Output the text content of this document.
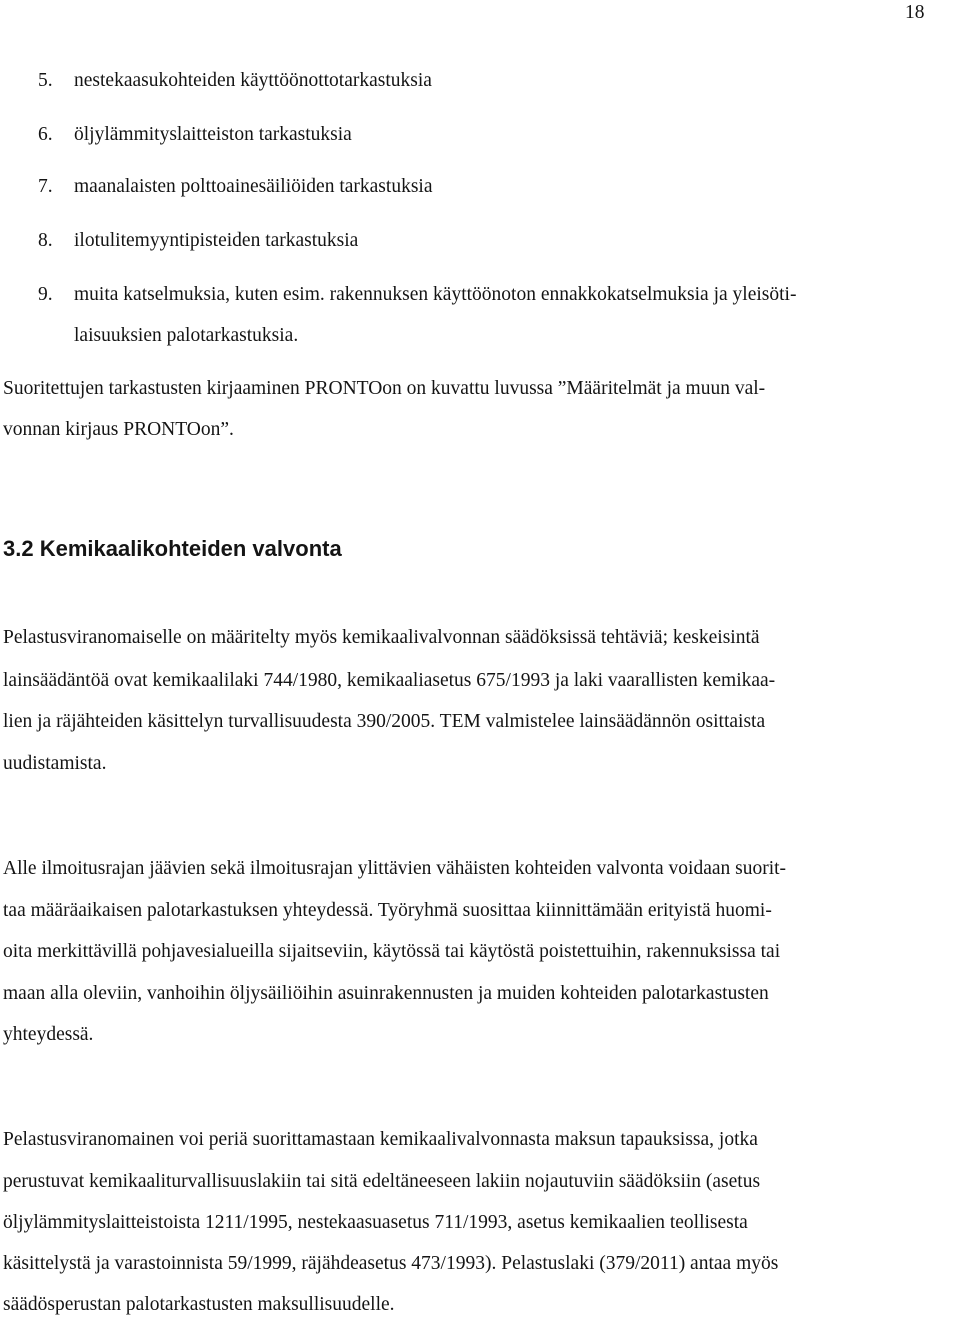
18
5. nestekaasukohteiden käyttöönottotarkastuksia
6. öljylämmityslaitteiston tarkastuksia
7. maanalaisten polttoainesäiliöiden tarkastuksia
8. ilotulitemyyntipisteiden tarkastuksia
9. muita katselmuksia, kuten esim. rakennuksen käyttöönoton ennakkokatselmuksia ja yleisöti-
laisuuksien palotarkastuksia.
Suoritettujen tarkastusten kirjaaminen PRONTOon on kuvattu luvussa ”Määritelmät ja muun val-
vonnan kirjaus PRONTOon”.
3.2 Kemikaalikohteiden valvonta
Pelastusviranomaiselle on määritelty myös kemikaalivalvonnan säädöksissä tehtäviä; keskeisintä
lainsäädäntöä ovat kemikaalilaki 744/1980, kemikaaliasetus 675/1993 ja laki vaarallisten kemikaa-
lien ja räjähteiden käsittelyn turvallisuudesta 390/2005. TEM valmistelee lainsäädännön osittaista
uudistamista.
Alle ilmoitusrajan jäävien sekä ilmoitusrajan ylittävien vähäisten kohteiden valvonta voidaan suorit-
taa määräaikaisen palotarkastuksen yhteydessä. Työryhmä suosittaa kiinnittämään erityistä huomi-
oita merkittävillä pohjavesialueilla sijaitseviin, käytössä tai käytöstä poistettuihin, rakennuksissa tai
maan alla oleviin, vanhoihin öljysäiliöihin asuinrakennusten ja muiden kohteiden palotarkastusten
yhteydessä.
Pelastusviranomainen voi periä suorittamastaan kemikaalivalvonnasta maksun tapauksissa, jotka
perustuvat kemikaaliturvallisuuslakiin tai sitä edeltäneeseen lakiin nojautuviin säädöksiin (asetus
öljylämmityslaitteistoista 1211/1995, nestekaasuasetus 711/1993, asetus kemikaalien teollisesta
käsittelystä ja varastoinnista 59/1999, räjähdeasetus 473/1993). Pelastuslaki (379/2011) antaa myös
säädösperustan palotarkastusten maksullisuudelle.
